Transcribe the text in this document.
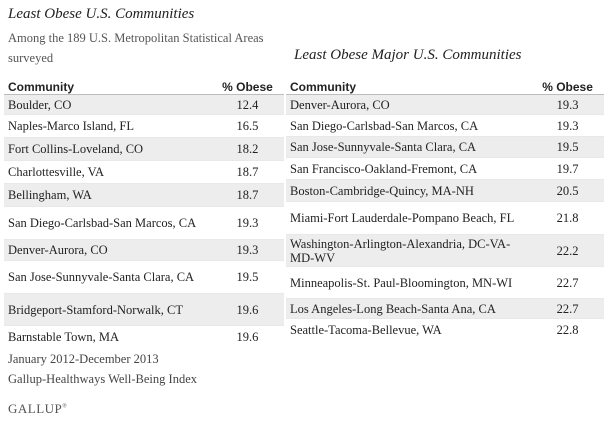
Least Obese U.S. Communities
Among the 189 U.S. Metropolitan Statistical Areas surveyed	Least Obese Major U.S. Communities
Community	% Obese
Boulder, CO	12.4
Naples-Marco Island, FL	16.5
Fort Collins-Loveland, CO	18.2
Charlottesville, VA	18.7
Bellingham, WA	18.7
San Diego-Carlsbad-San Marcos, CA	19.3
Denver-Aurora, CO	19.3
San Jose-Sunnyvale-Santa Clara, CA	19.5
Bridgeport-Stamford-Norwalk, CT	19.6
Barnstable Town, MA	19.6
Community	% Obese
Denver-Aurora, CO	19.3
San Diego-Carlsbad-San Marcos, CA	19.3
San Jose-Sunnyvale-Santa Clara, CA	19.5
San Francisco-Oakland-Fremont, CA	19.7
Boston-Cambridge-Quincy, MA-NH	20.5
Miami-Fort Lauderdale-Pompano Beach, FL	21.8
Washington-Arlington-Alexandria, DC-VA-MD-WV	22.2
Minneapolis-St. Paul-Bloomington, MN-WI	22.7
Los Angeles-Long Beach-Santa Ana, CA	22.7
Seattle-Tacoma-Bellevue, WA	22.8
January 2012-December 2013
Gallup-Healthways Well-Being Index
GALLUP®
